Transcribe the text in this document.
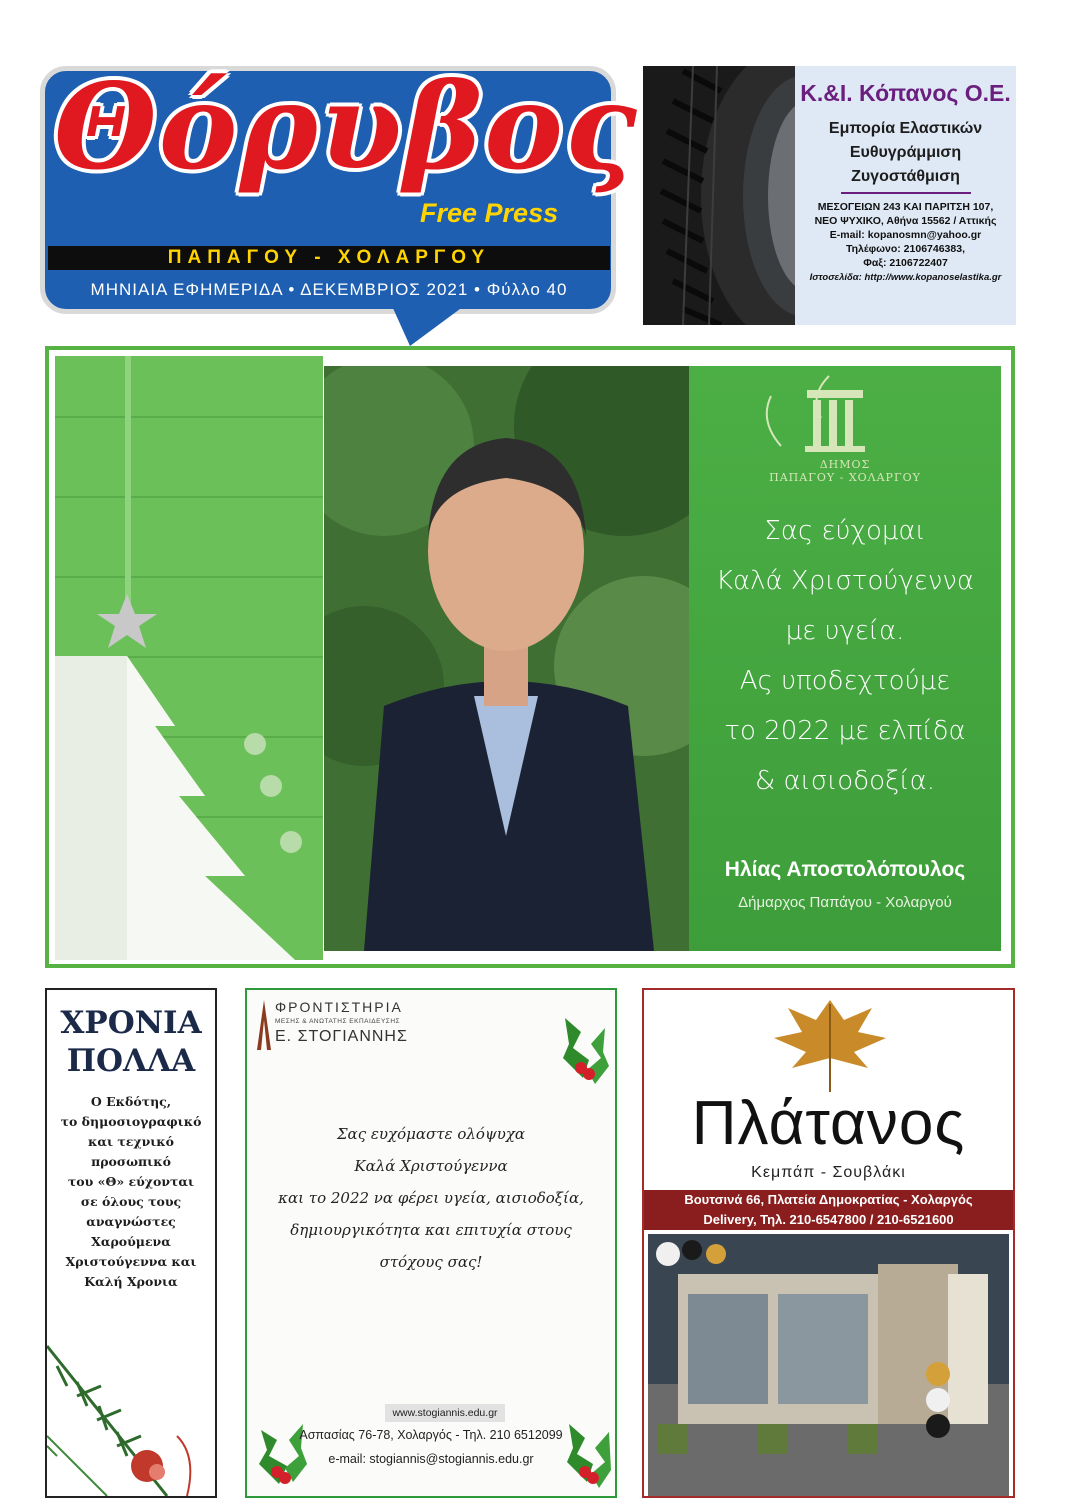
Θόρυβος
Free Press
ΠΑΠΑΓΟΥ - ΧΟΛΑΡΓΟΥ
ΜΗΝΙΑΙΑ ΕΦΗΜΕΡΙΔΑ • ΔΕΚΕΜΒΡΙΟΣ 2021 • Φύλλο 40
Κ.&Ι. Κόπανος Ο.Ε.
Εμπορία Ελαστικών
Ευθυγράμμιση
Ζυγοστάθμιση
ΜΕΣΟΓΕΙΩΝ 243 ΚΑΙ ΠΑΡΙΤΣΗ 107,
ΝΕΟ ΨΥΧΙΚΟ, Αθήνα 15562 / Αττικής
E-mail: kopanosmn@yahoo.gr
Τηλέφωνο: 2106746383,
Φαξ: 2106722407
Ιστοσελίδα: http://www.kopanoselastika.gr
ΔΗΜΟΣ
ΠΑΠΑΓΟΥ - ΧΟΛΑΡΓΟΥ
Σας εύχομαι
Καλά Χριστούγεννα
με υγεία.
Ας υποδεχτούμε
το 2022 με ελπίδα
& αισιοδοξία.
Ηλίας Αποστολόπουλος
Δήμαρχος Παπάγου - Χολαργού
ΧΡΟΝΙΑ
ΠΟΛΛΑ
Ο Εκδότης,
το δημοσιογραφικό
και τεχνικό
προσωπικό
του «Θ» εύχονται
σε όλους τους
αναγνώστες
Χαρούμενα
Χριστούγεννα και
Καλή Χρονια
ΦΡΟΝΤΙΣΤΗΡΙΑ
ΜΕΣΗΣ & ΑΝΩΤΑΤΗΣ ΕΚΠΑΙΔΕΥΣΗΣ
Ε. ΣΤΟΓΙΑΝΝΗΣ
Σας ευχόμαστε ολόψυχα
Καλά Χριστούγεννα
και το 2022 να φέρει υγεία, αισιοδοξία,
δημιουργικότητα και επιτυχία στους
στόχους σας!
www.stogiannis.edu.gr
Ασπασίας 76-78, Χολαργός - Τηλ. 210 6512099
e-mail: stogiannis@stogiannis.edu.gr
Πλάτανος
Κεμπάπ - Σουβλάκι
Βουτσινά 66, Πλατεία Δημοκρατίας - Χολαργός
Delivery, Τηλ. 210-6547800 / 210-6521600
